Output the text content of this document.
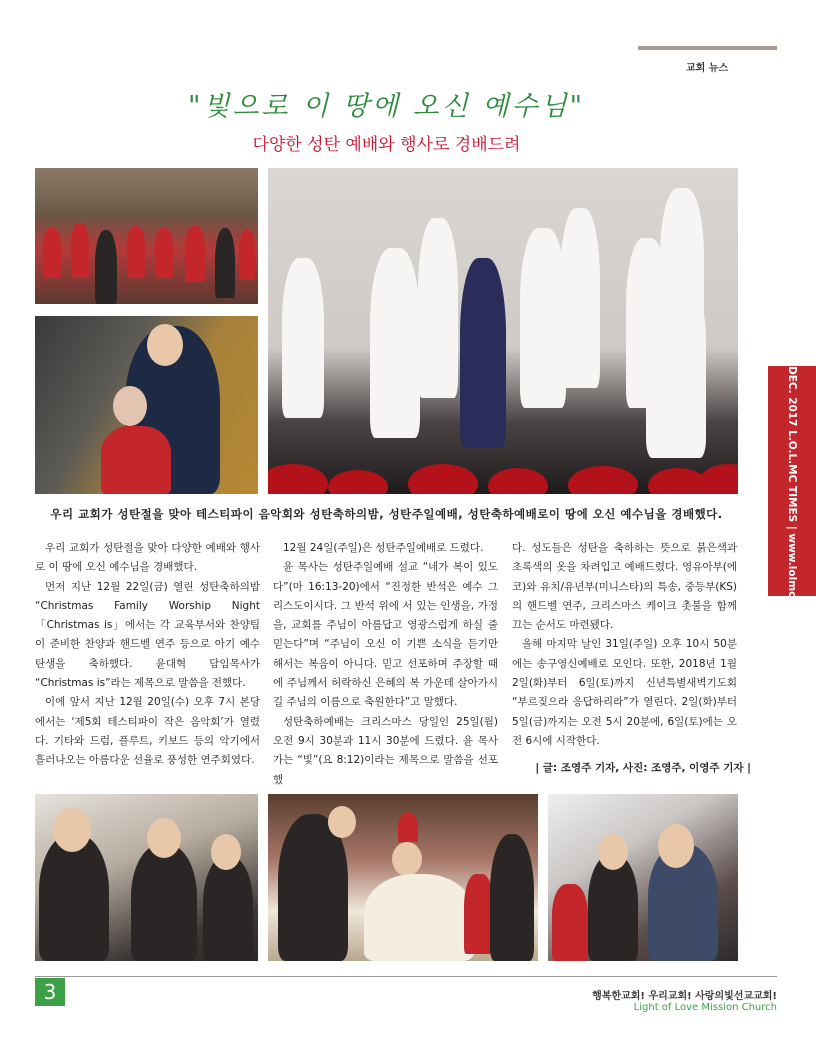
교회 뉴스
"빛으로 이 땅에 오신 예수님"
다양한 성탄 예배와 행사로 경배드려
DEC. 2017 L.O.L.MC TIMES | www.lolmc.org
우리 교회가 성탄절을 맞아 테스티파이 음악회와 성탄축하의밤, 성탄주일예배, 성탄축하예배로이 땅에 오신 예수님을 경배했다.

우리 교회가 성탄절을 맞아 다양한 예배와 행사로 이 땅에 오신 예수님을 경배했다.

먼저 지난 12월 22일(금) 열린 성탄축하의밤 “Christmas Family Worship Night「Christmas is」에서는 각 교육부서와 찬양팀이 준비한 찬양과 핸드벨 연주 등으로 아기 예수 탄생을 축하했다. 윤대혁 담임목사가 “Christmas is”라는 제목으로 말씀을 전했다.

이에 앞서 지난 12월 20일(수) 오후 7시 본당에서는 ‘제5회 테스티파이 작은 음악회’가 열렸다. 기타와 드럼, 플루트, 키보드 등의 악기에서 흘러나오는 아름다운 선율로 풍성한 연주회였다.

12월 24일(주일)은 성탄주일예배로 드렸다.

윤 목사는 성탄주일예배 설교 “네가 복이 있도다”(마 16:13-20)에서 “진정한 반석은 예수 그리스도이시다. 그 반석 위에 서 있는 인생을, 가정을, 교회를 주님이 아름답고 영광스럽게 하실 줄 믿는다”며 “주님이 오신 이 기쁜 소식을 듣기만 해서는 복음이 아니다. 믿고 선포하며 주장할 때에 주님께서 허락하신 은혜의 복 가운데 살아가시길 주님의 이름으로 축원한다”고 말했다.

성탄축하예배는 크리스마스 당일인 25일(월) 오전 9시 30분과 11시 30분에 드렸다. 윤 목사가는 “빛”(요 8:12)이라는 제목으로 말씀을 선포했

다. 성도들은 성탄을 축하하는 뜻으로 붉은색과 초록색의 옷을 차려입고 예배드렸다. 영유아부(에코)와 유치/유년부(미니스타)의 특송, 중등부(KS)의 핸드벨 연주, 크리스마스 케이크 촛불을 함께 끄는 순서도 마련됐다.

올해 마지막 날인 31일(주일) 오후 10시 50분에는 송구영신예배로 모인다. 또한, 2018년 1월 2일(화)부터 6일(토)까지 신년특별새벽기도회 “부르짖으라 응답하리라”가 열린다. 2일(화)부터 5일(금)까지는 오전 5시 20분에, 6일(토)에는 오전 6시에 시작한다.

| 글: 조영주 기자, 사진: 조영주, 이영주 기자 |
3	행복한교회! 우리교회! 사랑의빛선교교회!
Light of Love Mission Church
